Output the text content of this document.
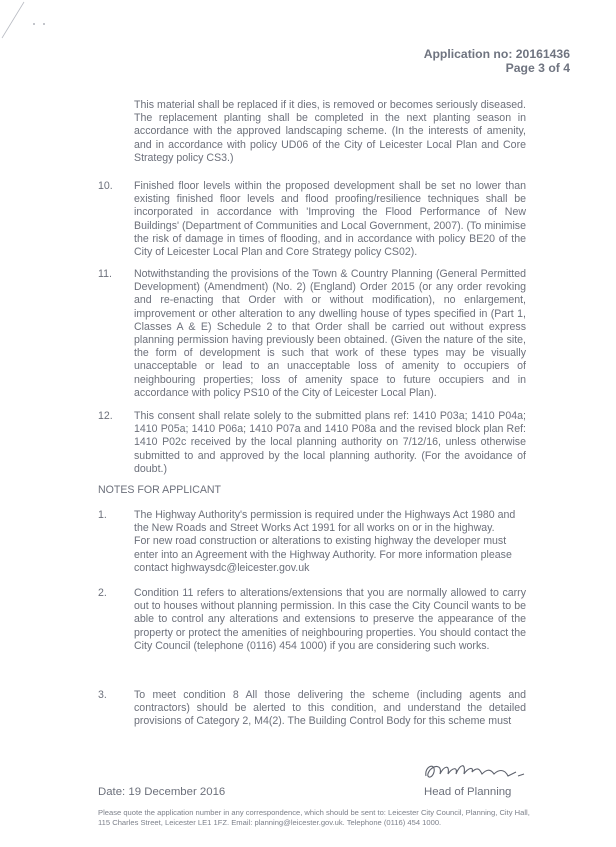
Application no: 20161436
Page 3 of 4
This material shall be replaced if it dies, is removed or becomes seriously diseased. The replacement planting shall be completed in the next planting season in accordance with the approved landscaping scheme. (In the interests of amenity, and in accordance with policy UD06 of the City of Leicester Local Plan and Core Strategy policy CS3.)
10. Finished floor levels within the proposed development shall be set no lower than existing finished floor levels and flood proofing/resilience techniques shall be incorporated in accordance with 'Improving the Flood Performance of New Buildings' (Department of Communities and Local Government, 2007). (To minimise the risk of damage in times of flooding, and in accordance with policy BE20 of the City of Leicester Local Plan and Core Strategy policy CS02).
11. Notwithstanding the provisions of the Town & Country Planning (General Permitted Development) (Amendment) (No. 2) (England) Order 2015 (or any order revoking and re-enacting that Order with or without modification), no enlargement, improvement or other alteration to any dwelling house of types specified in (Part 1, Classes A & E) Schedule 2 to that Order shall be carried out without express planning permission having previously been obtained. (Given the nature of the site, the form of development is such that work of these types may be visually unacceptable or lead to an unacceptable loss of amenity to occupiers of neighbouring properties; loss of amenity space to future occupiers and in accordance with policy PS10 of the City of Leicester Local Plan).
12. This consent shall relate solely to the submitted plans ref: 1410 P03a; 1410 P04a; 1410 P05a; 1410 P06a; 1410 P07a and 1410 P08a and the revised block plan Ref: 1410 P02c received by the local planning authority on 7/12/16, unless otherwise submitted to and approved by the local planning authority. (For the avoidance of doubt.)
NOTES FOR APPLICANT
1.	The Highway Authority's permission is required under the Highways Act 1980 and the New Roads and Street Works Act 1991 for all works on or in the highway.

For new road construction or alterations to existing highway the developer must enter into an Agreement with the Highway Authority. For more information please contact highwaysdc@leicester.gov.uk

2.	Condition 11 refers to alterations/extensions that you are normally allowed to carry out to houses without planning permission. In this case the City Council wants to be able to control any alterations and extensions to preserve the appearance of the property or protect the amenities of neighbouring properties. You should contact the City Council (telephone (0116) 454 1000) if you are considering such works.
3.	To meet condition 8 All those delivering the scheme (including agents and contractors) should be alerted to this condition, and understand the detailed provisions of Category 2, M4(2). The Building Control Body for this scheme must
Date: 19 December 2016	Head of Planning
Please quote the application number in any correspondence, which should be sent to: Leicester City Council, Planning, City Hall, 115 Charles Street, Leicester LE1 1FZ. Email: planning@leicester.gov.uk. Telephone (0116) 454 1000.
